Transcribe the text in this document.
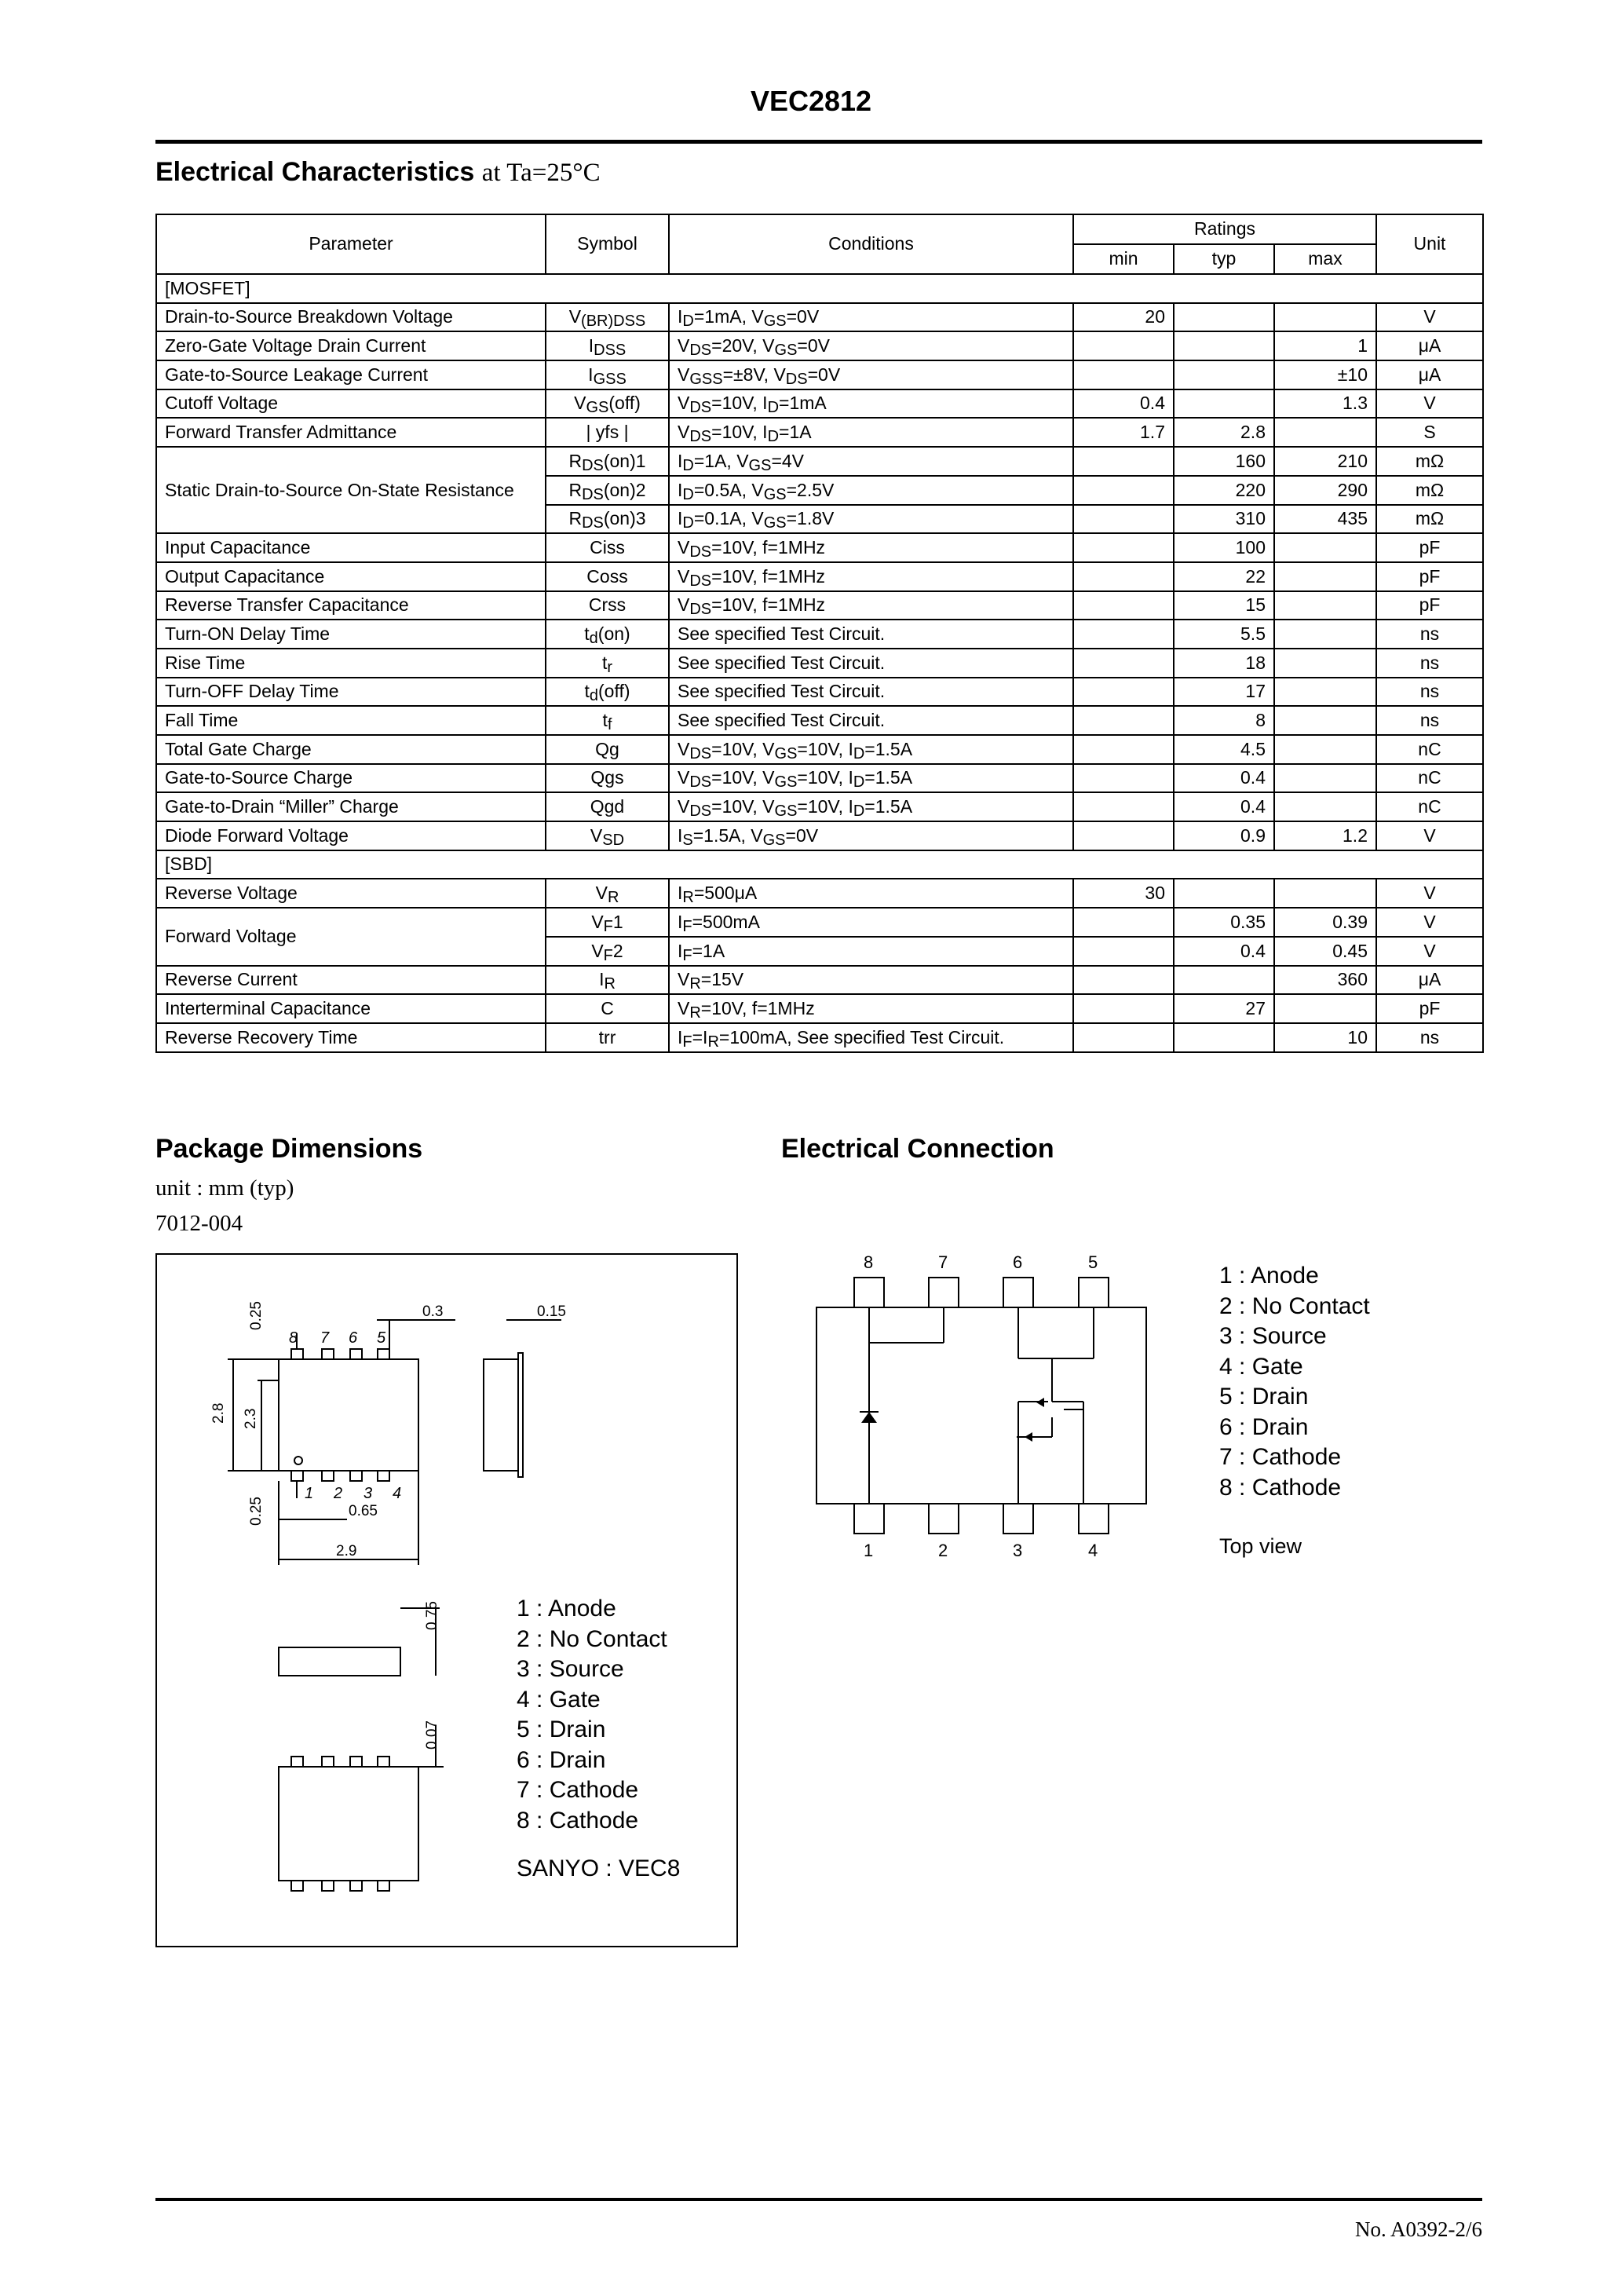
VEC2812
Electrical Characteristics at Ta=25°C
Parameter	Symbol	Conditions	Ratings			Unit
			min	typ	max	
[MOSFET]						
Drain-to-Source Breakdown Voltage	$V_{(BR)DSS}$	$I_D=1mA$, $V_{GS}=0V$	20			V
Zero-Gate Voltage Drain Current	$I_{DSS}$	$V_{DS}=20V$, $V_{GS}=0V$			1	μA
Gate-to-Source Leakage Current	$I_{GSS}$	$V_{GSS}=\pm 8V$, $V_{DS}=0V$			±10	μA
Cutoff Voltage	$V_{GS}(off)$	$V_{DS}=10V$, $I_D=1mA$	0.4		1.3	V
Forward Transfer Admittance	| yfs |	$V_{DS}=10V$, $I_D=1A$	1.7	2.8		S
Static Drain-to-Source On-State Resistance	$R_{DS}(on)1$	$I_D=1A$, $V_{GS}=4V$		160	210	mΩ
	$R_{DS}(on)2$	$I_D=0.5A$, $V_{GS}=2.5V$		220	290	mΩ
	$R_{DS}(on)3$	$I_D=0.1A$, $V_{GS}=1.8V$		310	435	mΩ
Input Capacitance	Ciss	$V_{DS}=10V$, f=1MHz		100		pF
Output Capacitance	Coss	$V_{DS}=10V$, f=1MHz		22		pF
Reverse Transfer Capacitance	Crss	$V_{DS}=10V$, f=1MHz		15		pF
Turn-ON Delay Time	$t_d(on)$	See specified Test Circuit.		5.5		ns
Rise Time	$t_r$	See specified Test Circuit.		18		ns
Turn-OFF Delay Time	$t_d(off)$	See specified Test Circuit.		17		ns
Fall Time	$t_f$	See specified Test Circuit.		8		ns
Total Gate Charge	Qg	$V_{DS}=10V$, $V_{GS}=10V$, $I_D=1.5A$		4.5		nC
Gate-to-Source Charge	Qgs	$V_{DS}=10V$, $V_{GS}=10V$, $I_D=1.5A$		0.4		nC
Gate-to-Drain “Miller” Charge	Qgd	$V_{DS}=10V$, $V_{GS}=10V$, $I_D=1.5A$		0.4		nC
Diode Forward Voltage	$V_{SD}$	$I_S=1.5A$, $V_{GS}=0V$		0.9	1.2	V
[SBD]						
Reverse Voltage	$V_R$	$I_R=500\mu A$	30			V
Forward Voltage	$V_F1$	$I_F=500mA$		0.35	0.39	V
	$V_F2$	$I_F=1A$		0.4	0.45	V
Reverse Current	$I_R$	$V_R=15V$			360	μA
Interterminal Capacitance	C	$V_R=10V$, f=1MHz		27		pF
Reverse Recovery Time	trr	$I_F=I_R=100mA$, See specified Test Circuit.			10	ns
Package Dimensions
unit : mm (typ)
7012-004
0.25	0.3	0.15
2.8 2.3
0.25	0.65
2.9
0.75
0.07
8 7 6 5
1 2 3 4
1 : Anode
2 : No Contact
3 : Source
4 : Gate
5 : Drain
6 : Drain
7 : Cathode
8 : Cathode
SANYO : VEC8
Electrical Connection
8	7	6	5
1	2	3	4
1 : Anode
2 : No Contact
3 : Source
4 : Gate
5 : Drain
6 : Drain
7 : Cathode
8 : Cathode
Top view
No. A0392-2/6
